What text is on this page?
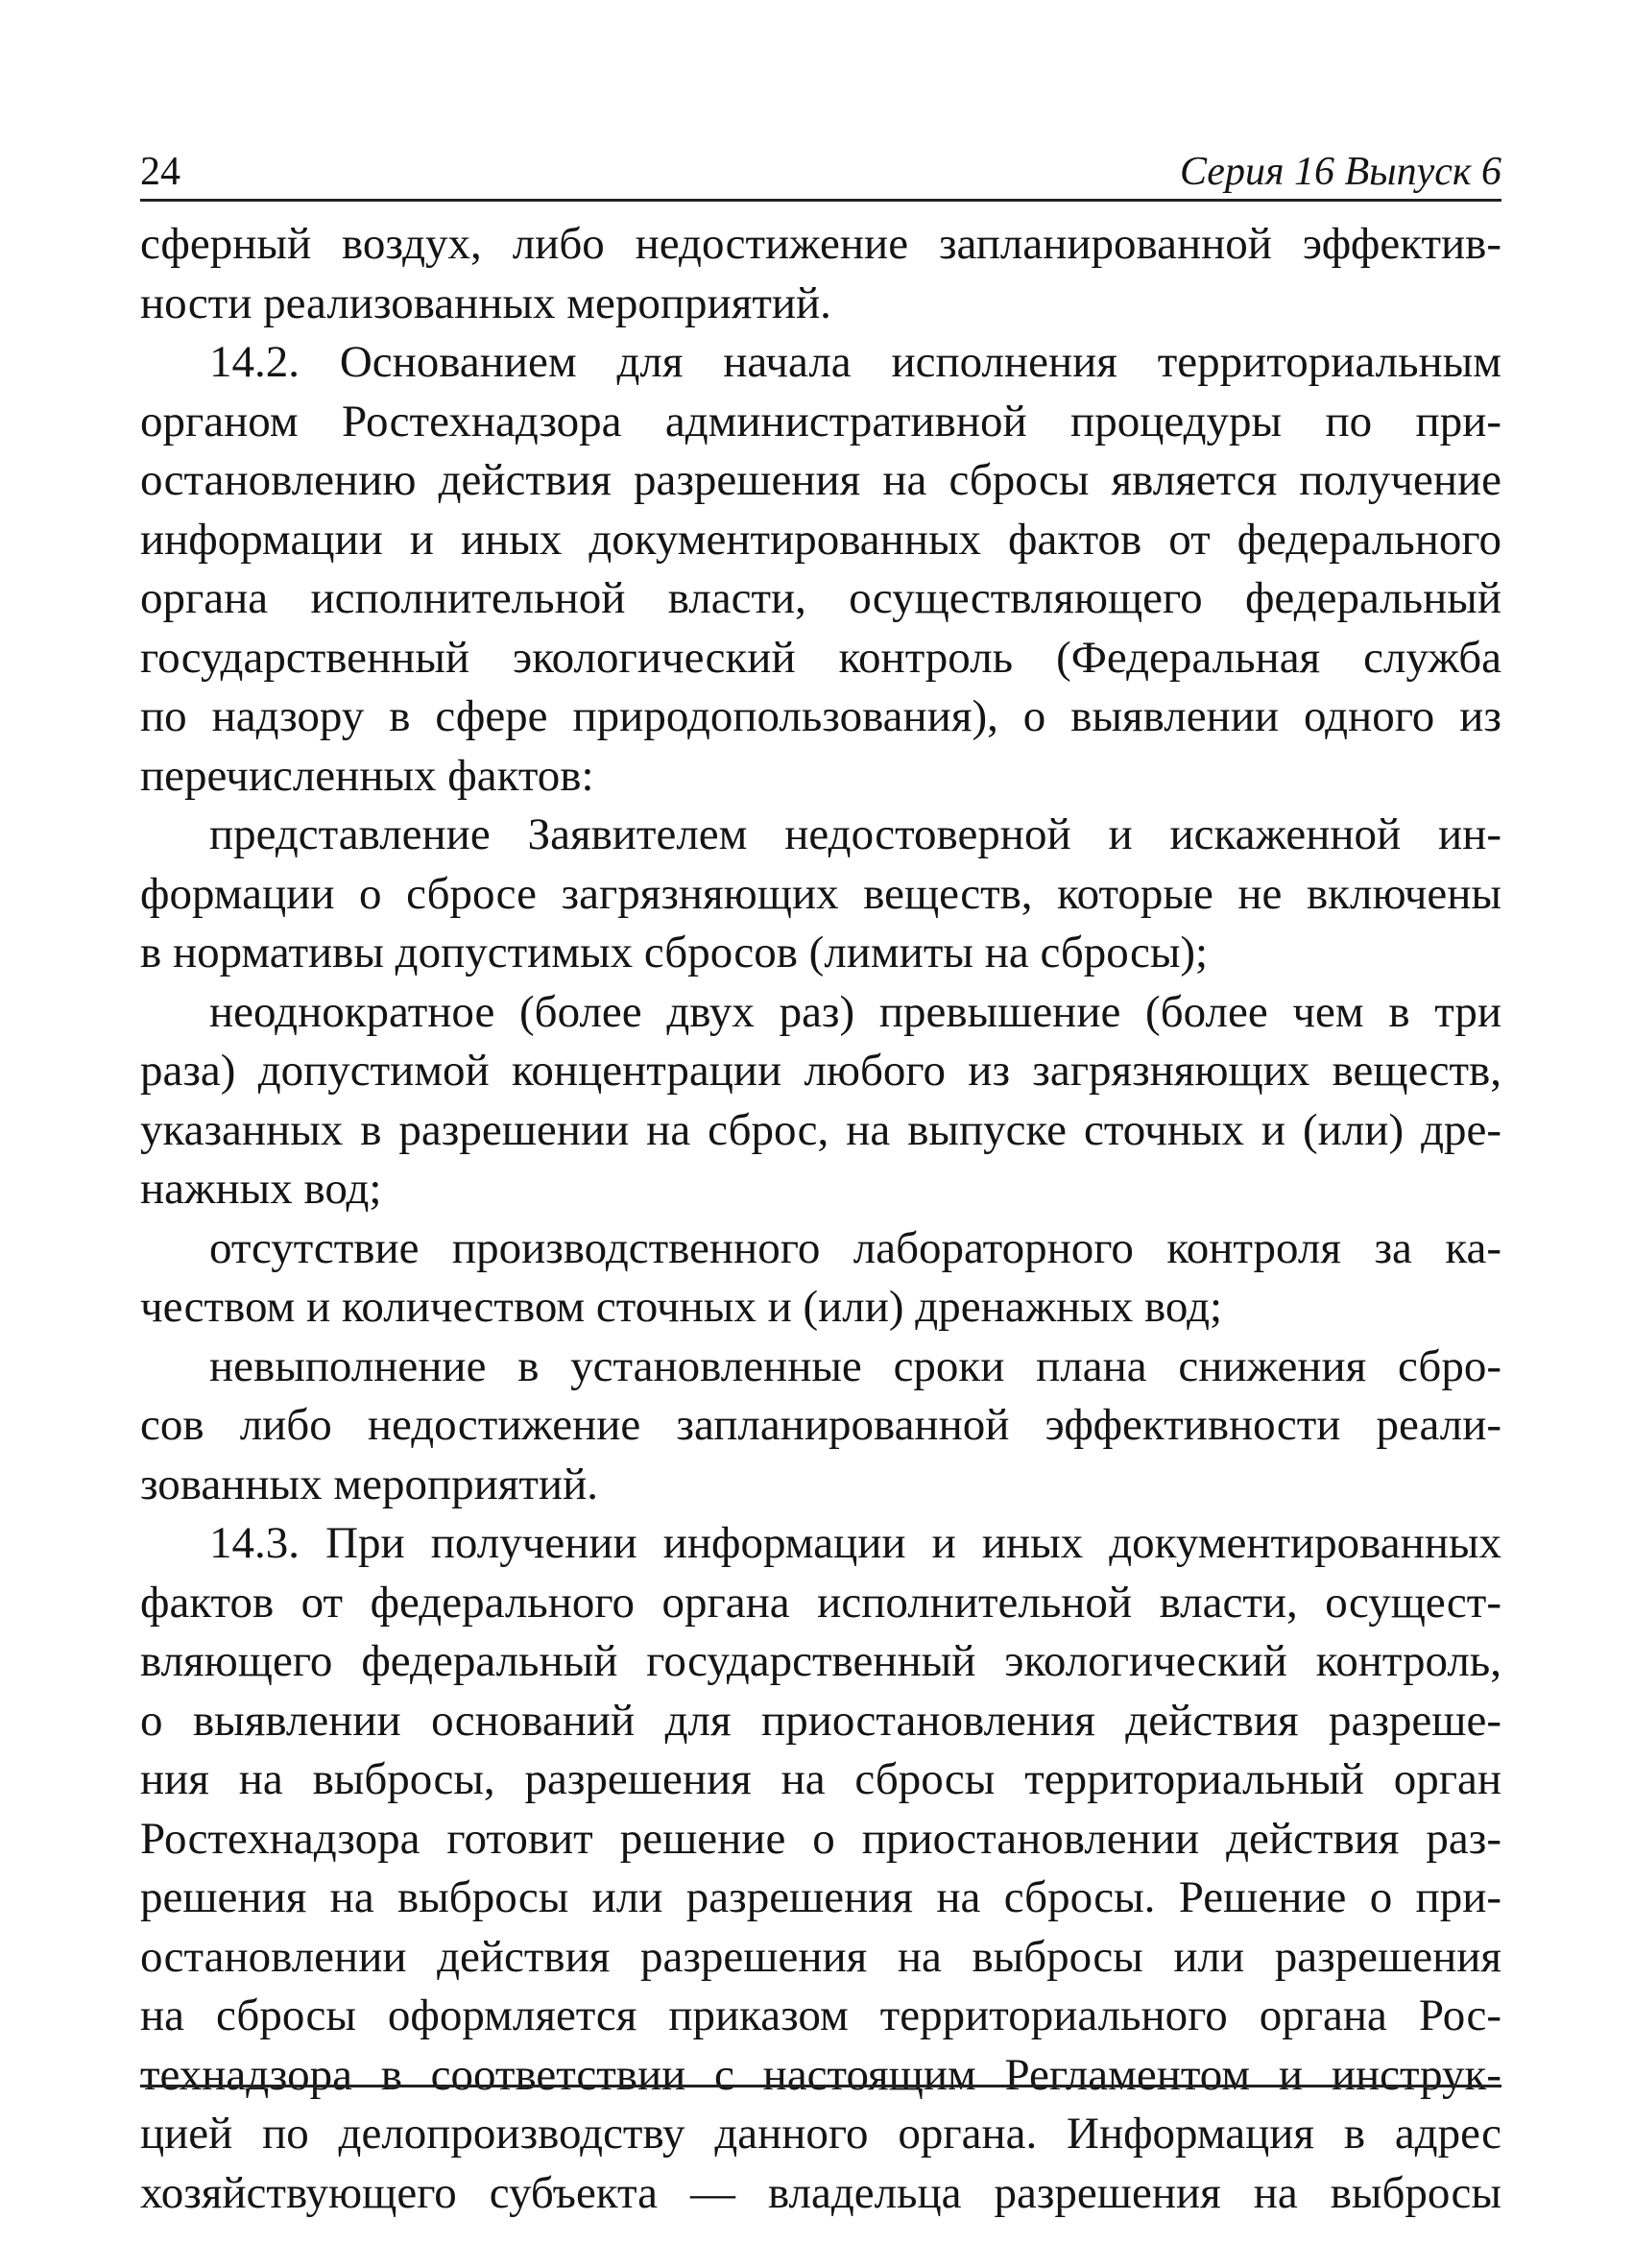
24	Серия 16 Выпуск 6
сферный воздух, либо недостижение запланированной эффектив-
ности реализованных мероприятий.
14.2. Основанием для начала исполнения территориальным
органом Ростехнадзора административной процедуры по при-
остановлению действия разрешения на сбросы является получение
информации и иных документированных фактов от федерального
органа исполнительной власти, осуществляющего федеральный
государственный экологический контроль (Федеральная служба
по надзору в сфере природопользования), о выявлении одного из
перечисленных фактов:
представление Заявителем недостоверной и искаженной ин-
формации о сбросе загрязняющих веществ, которые не включены
в нормативы допустимых сбросов (лимиты на сбросы);
неоднократное (более двух раз) превышение (более чем в три
раза) допустимой концентрации любого из загрязняющих веществ,
указанных в разрешении на сброс, на выпуске сточных и (или) дре-
нажных вод;
отсутствие производственного лабораторного контроля за ка-
чеством и количеством сточных и (или) дренажных вод;
невыполнение в установленные сроки плана снижения сбро-
сов либо недостижение запланированной эффективности реали-
зованных мероприятий.
14.3. При получении информации и иных документированных
фактов от федерального органа исполнительной власти, осущест-
вляющего федеральный государственный экологический контроль,
о выявлении оснований для приостановления действия разреше-
ния на выбросы, разрешения на сбросы территориальный орган
Ростехнадзора готовит решение о приостановлении действия раз-
решения на выбросы или разрешения на сбросы. Решение о при-
остановлении действия разрешения на выбросы или разрешения
на сбросы оформляется приказом территориального органа Рос-
технадзора в соответствии с настоящим Регламентом и инструк-
цией по делопроизводству данного органа. Информация в адрес
хозяйствующего субъекта — владельца разрешения на выбросы
